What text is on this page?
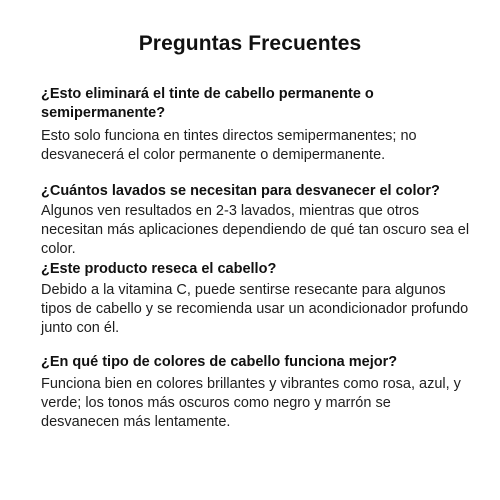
Preguntas Frecuentes
¿Esto eliminará el tinte de cabello permanente o semipermanente?
Esto solo funciona en tintes directos semipermanentes; no desvanecerá el color permanente o demipermanente.
¿Cuántos lavados se necesitan para desvanecer el color?
Algunos ven resultados en 2-3 lavados, mientras que otros necesitan más aplicaciones dependiendo de qué tan oscuro sea el color.
¿Este producto reseca el cabello?
Debido a la vitamina C, puede sentirse resecante para algunos tipos de cabello y se recomienda usar un acondicionador profundo junto con él.
¿En qué tipo de colores de cabello funciona mejor?
Funciona bien en colores brillantes y vibrantes como rosa, azul, y verde; los tonos más oscuros como negro y marrón se desvanecen más lentamente.
